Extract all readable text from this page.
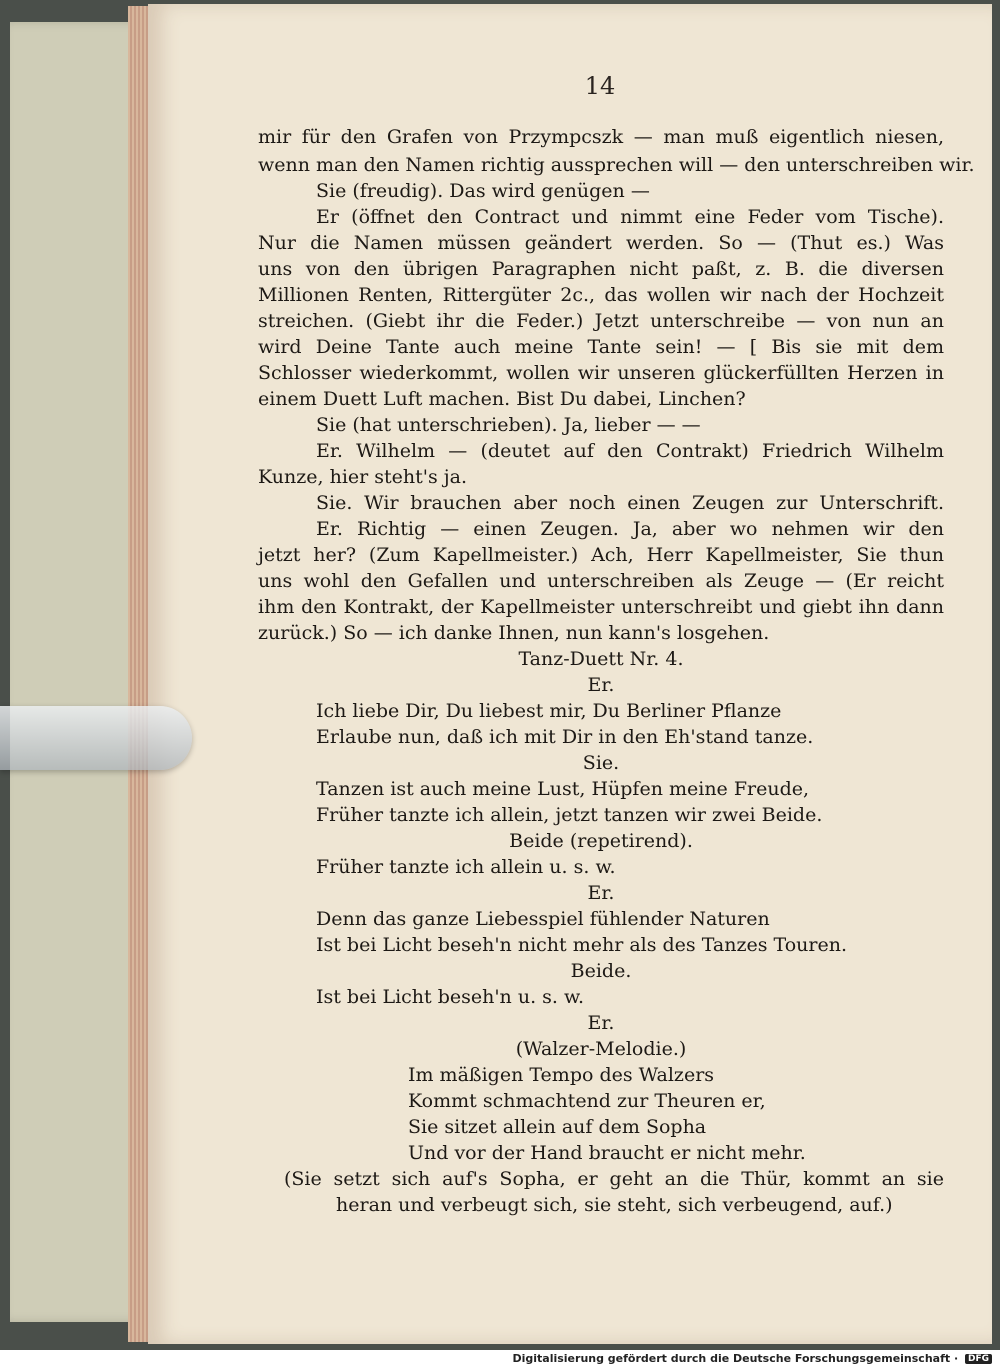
14
mir für den Grafen von Przympcszk — man muß eigentlich niesen,
wenn man den Namen richtig aussprechen will — den unterschreiben wir.
Sie (freudig). Das wird genügen —
Er (öffnet den Contract und nimmt eine Feder vom Tische).
Nur die Namen müssen geändert werden. So — (Thut es.) Was
uns von den übrigen Paragraphen nicht paßt, z. B. die diversen
Millionen Renten, Rittergüter 2c., das wollen wir nach der Hochzeit
streichen. (Giebt ihr die Feder.) Jetzt unterschreibe — von nun an
wird Deine Tante auch meine Tante sein! — [ Bis sie mit dem
Schlosser wiederkommt, wollen wir unseren glückerfüllten Herzen in
einem Duett Luft machen. Bist Du dabei, Linchen?
Sie (hat unterschrieben). Ja, lieber — —
Er. Wilhelm — (deutet auf den Contrakt) Friedrich Wilhelm
Kunze, hier steht's ja.
Sie. Wir brauchen aber noch einen Zeugen zur Unterschrift.
Er. Richtig — einen Zeugen. Ja, aber wo nehmen wir den
jetzt her? (Zum Kapellmeister.) Ach, Herr Kapellmeister, Sie thun
uns wohl den Gefallen und unterschreiben als Zeuge — (Er reicht
ihm den Kontrakt, der Kapellmeister unterschreibt und giebt ihn dann
zurück.) So — ich danke Ihnen, nun kann's losgehen.
Tanz-Duett Nr. 4.
Er.
Ich liebe Dir, Du liebest mir, Du Berliner Pflanze
Erlaube nun, daß ich mit Dir in den Eh'stand tanze.
Sie.
Tanzen ist auch meine Lust, Hüpfen meine Freude,
Früher tanzte ich allein, jetzt tanzen wir zwei Beide.
Beide (repetirend).
Früher tanzte ich allein u. s. w.
Er.
Denn das ganze Liebesspiel fühlender Naturen
Ist bei Licht beseh'n nicht mehr als des Tanzes Touren.
Beide.
Ist bei Licht beseh'n u. s. w.
Er.
(Walzer-Melodie.)
Im mäßigen Tempo des Walzers
Kommt schmachtend zur Theuren er,
Sie sitzet allein auf dem Sopha
Und vor der Hand braucht er nicht mehr.
(Sie setzt sich auf's Sopha, er geht an die Thür, kommt an sie
heran und verbeugt sich, sie steht, sich verbeugend, auf.)
Digitalisierung gefördert durch die Deutsche Forschungsgemeinschaft · DFG
